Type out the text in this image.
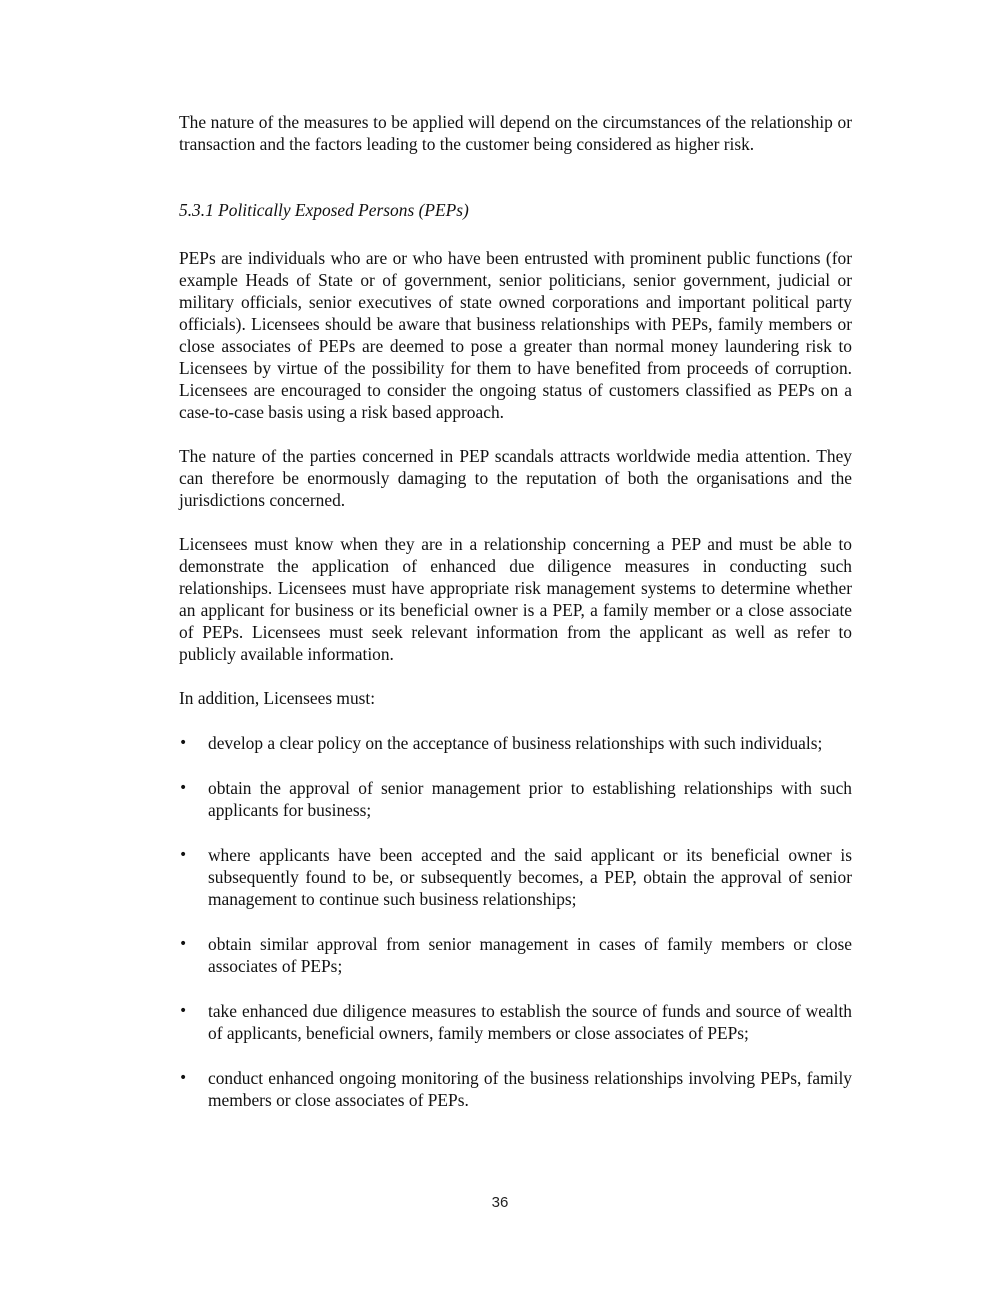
The nature of the measures to be applied will depend on the circumstances of the relationship or transaction and the factors leading to the customer being considered as higher risk.

5.3.1 Politically Exposed Persons (PEPs)

PEPs are individuals who are or who have been entrusted with prominent public functions (for example Heads of State or of government, senior politicians, senior government, judicial or military officials, senior executives of state owned corporations and important political party officials). Licensees should be aware that business relationships with PEPs, family members or close associates of PEPs are deemed to pose a greater than normal money laundering risk to Licensees by virtue of the possibility for them to have benefited from proceeds of corruption. Licensees are encouraged to consider the ongoing status of customers classified as PEPs on a case-to-case basis using a risk based approach.

The nature of the parties concerned in PEP scandals attracts worldwide media attention. They can therefore be enormously damaging to the reputation of both the organisations and the jurisdictions concerned.

Licensees must know when they are in a relationship concerning a PEP and must be able to demonstrate the application of enhanced due diligence measures in conducting such relationships. Licensees must have appropriate risk management systems to determine whether an applicant for business or its beneficial owner is a PEP, a family member or a close associate of PEPs. Licensees must seek relevant information from the applicant as well as refer to publicly available information.

In addition, Licensees must:

•	develop a clear policy on the acceptance of business relationships with such individuals;
•	obtain the approval of senior management prior to establishing relationships with such applicants for business;
•	where applicants have been accepted and the said applicant or its beneficial owner is subsequently found to be, or subsequently becomes, a PEP, obtain the approval of senior management to continue such business relationships;
•	obtain similar approval from senior management in cases of family members or close associates of PEPs;
•	take enhanced due diligence measures to establish the source of funds and source of wealth of applicants, beneficial owners, family members or close associates of PEPs;
•	conduct enhanced ongoing monitoring of the business relationships involving PEPs, family members or close associates of PEPs.
36
